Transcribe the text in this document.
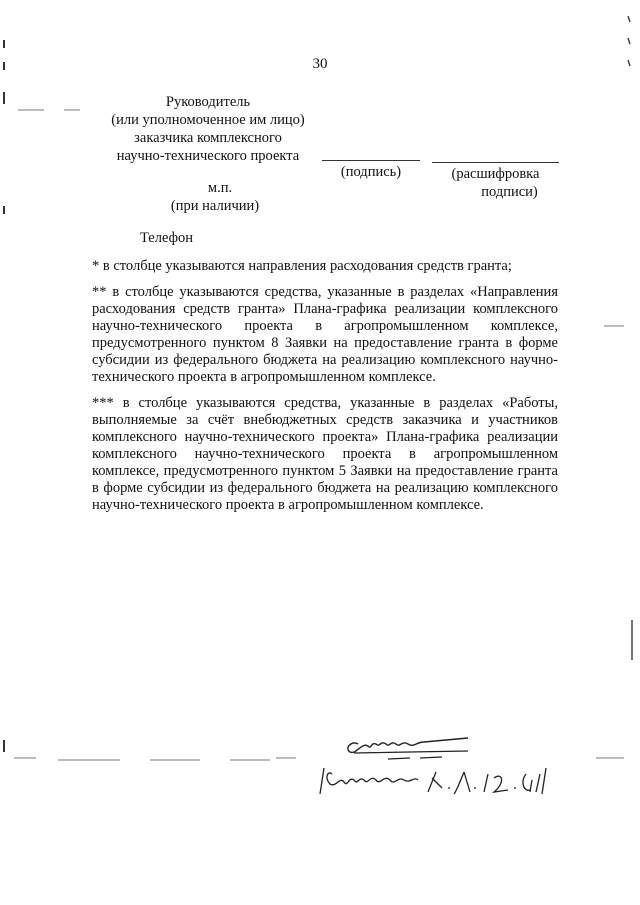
30
Руководитель
(или уполномоченное им лицо)
заказчика комплексного
научно-технического проекта
(подпись)	(расшифровка
подписи)
м.п.
(при наличии)
Телефон

* в столбце указываются направления расходования средств гранта;

** в столбце указываются средства, указанные в разделах «Направления расходования средств гранта» Плана-графика реализации комплексного научно-технического проекта в агропромышленном комплексе, предусмотренного пунктом 8 Заявки на предоставление гранта в форме субсидии из федерального бюджета на реализацию комплексного научно-технического проекта в агропромышленном комплексе.

*** в столбце указываются средства, указанные в разделах «Работы, выполняемые за счёт внебюджетных средств заказчика и участников комплексного научно-технического проекта» Плана-графика реализации комплексного научно-технического проекта в агропромышленном комплексе, предусмотренного пунктом 5 Заявки на предоставление гранта в форме субсидии из федерального бюджета на реализацию комплексного научно-технического проекта в агропромышленном комплексе.
